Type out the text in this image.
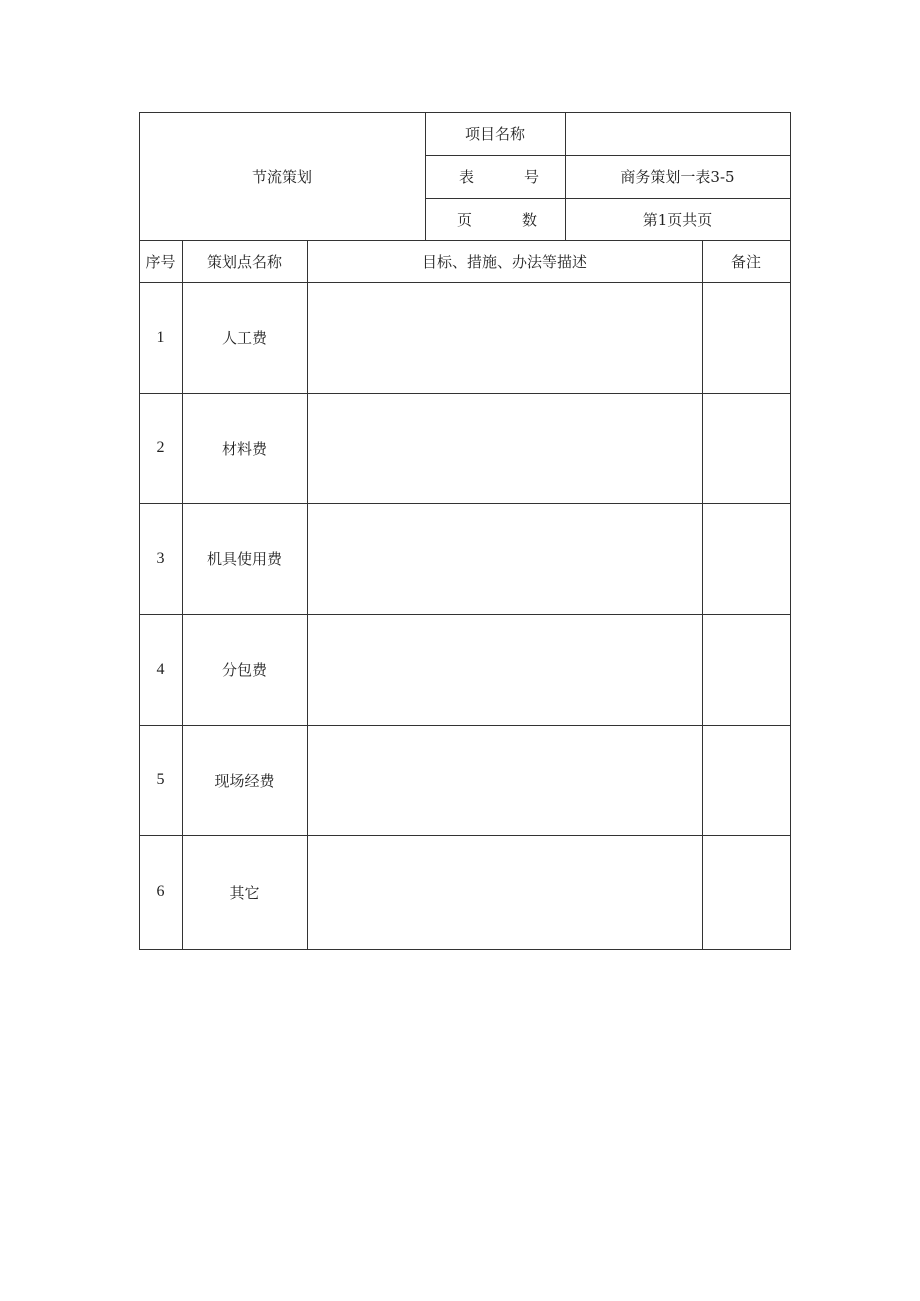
节流策划
项目名称
表	号	商务策划一表3-5
页	数	第1页共页
序号	策划点名称	目标、措施、办法等描述	备注
1	人工费
2	材料费
3	机具使用费
4	分包费
5	现场经费
6	其它
